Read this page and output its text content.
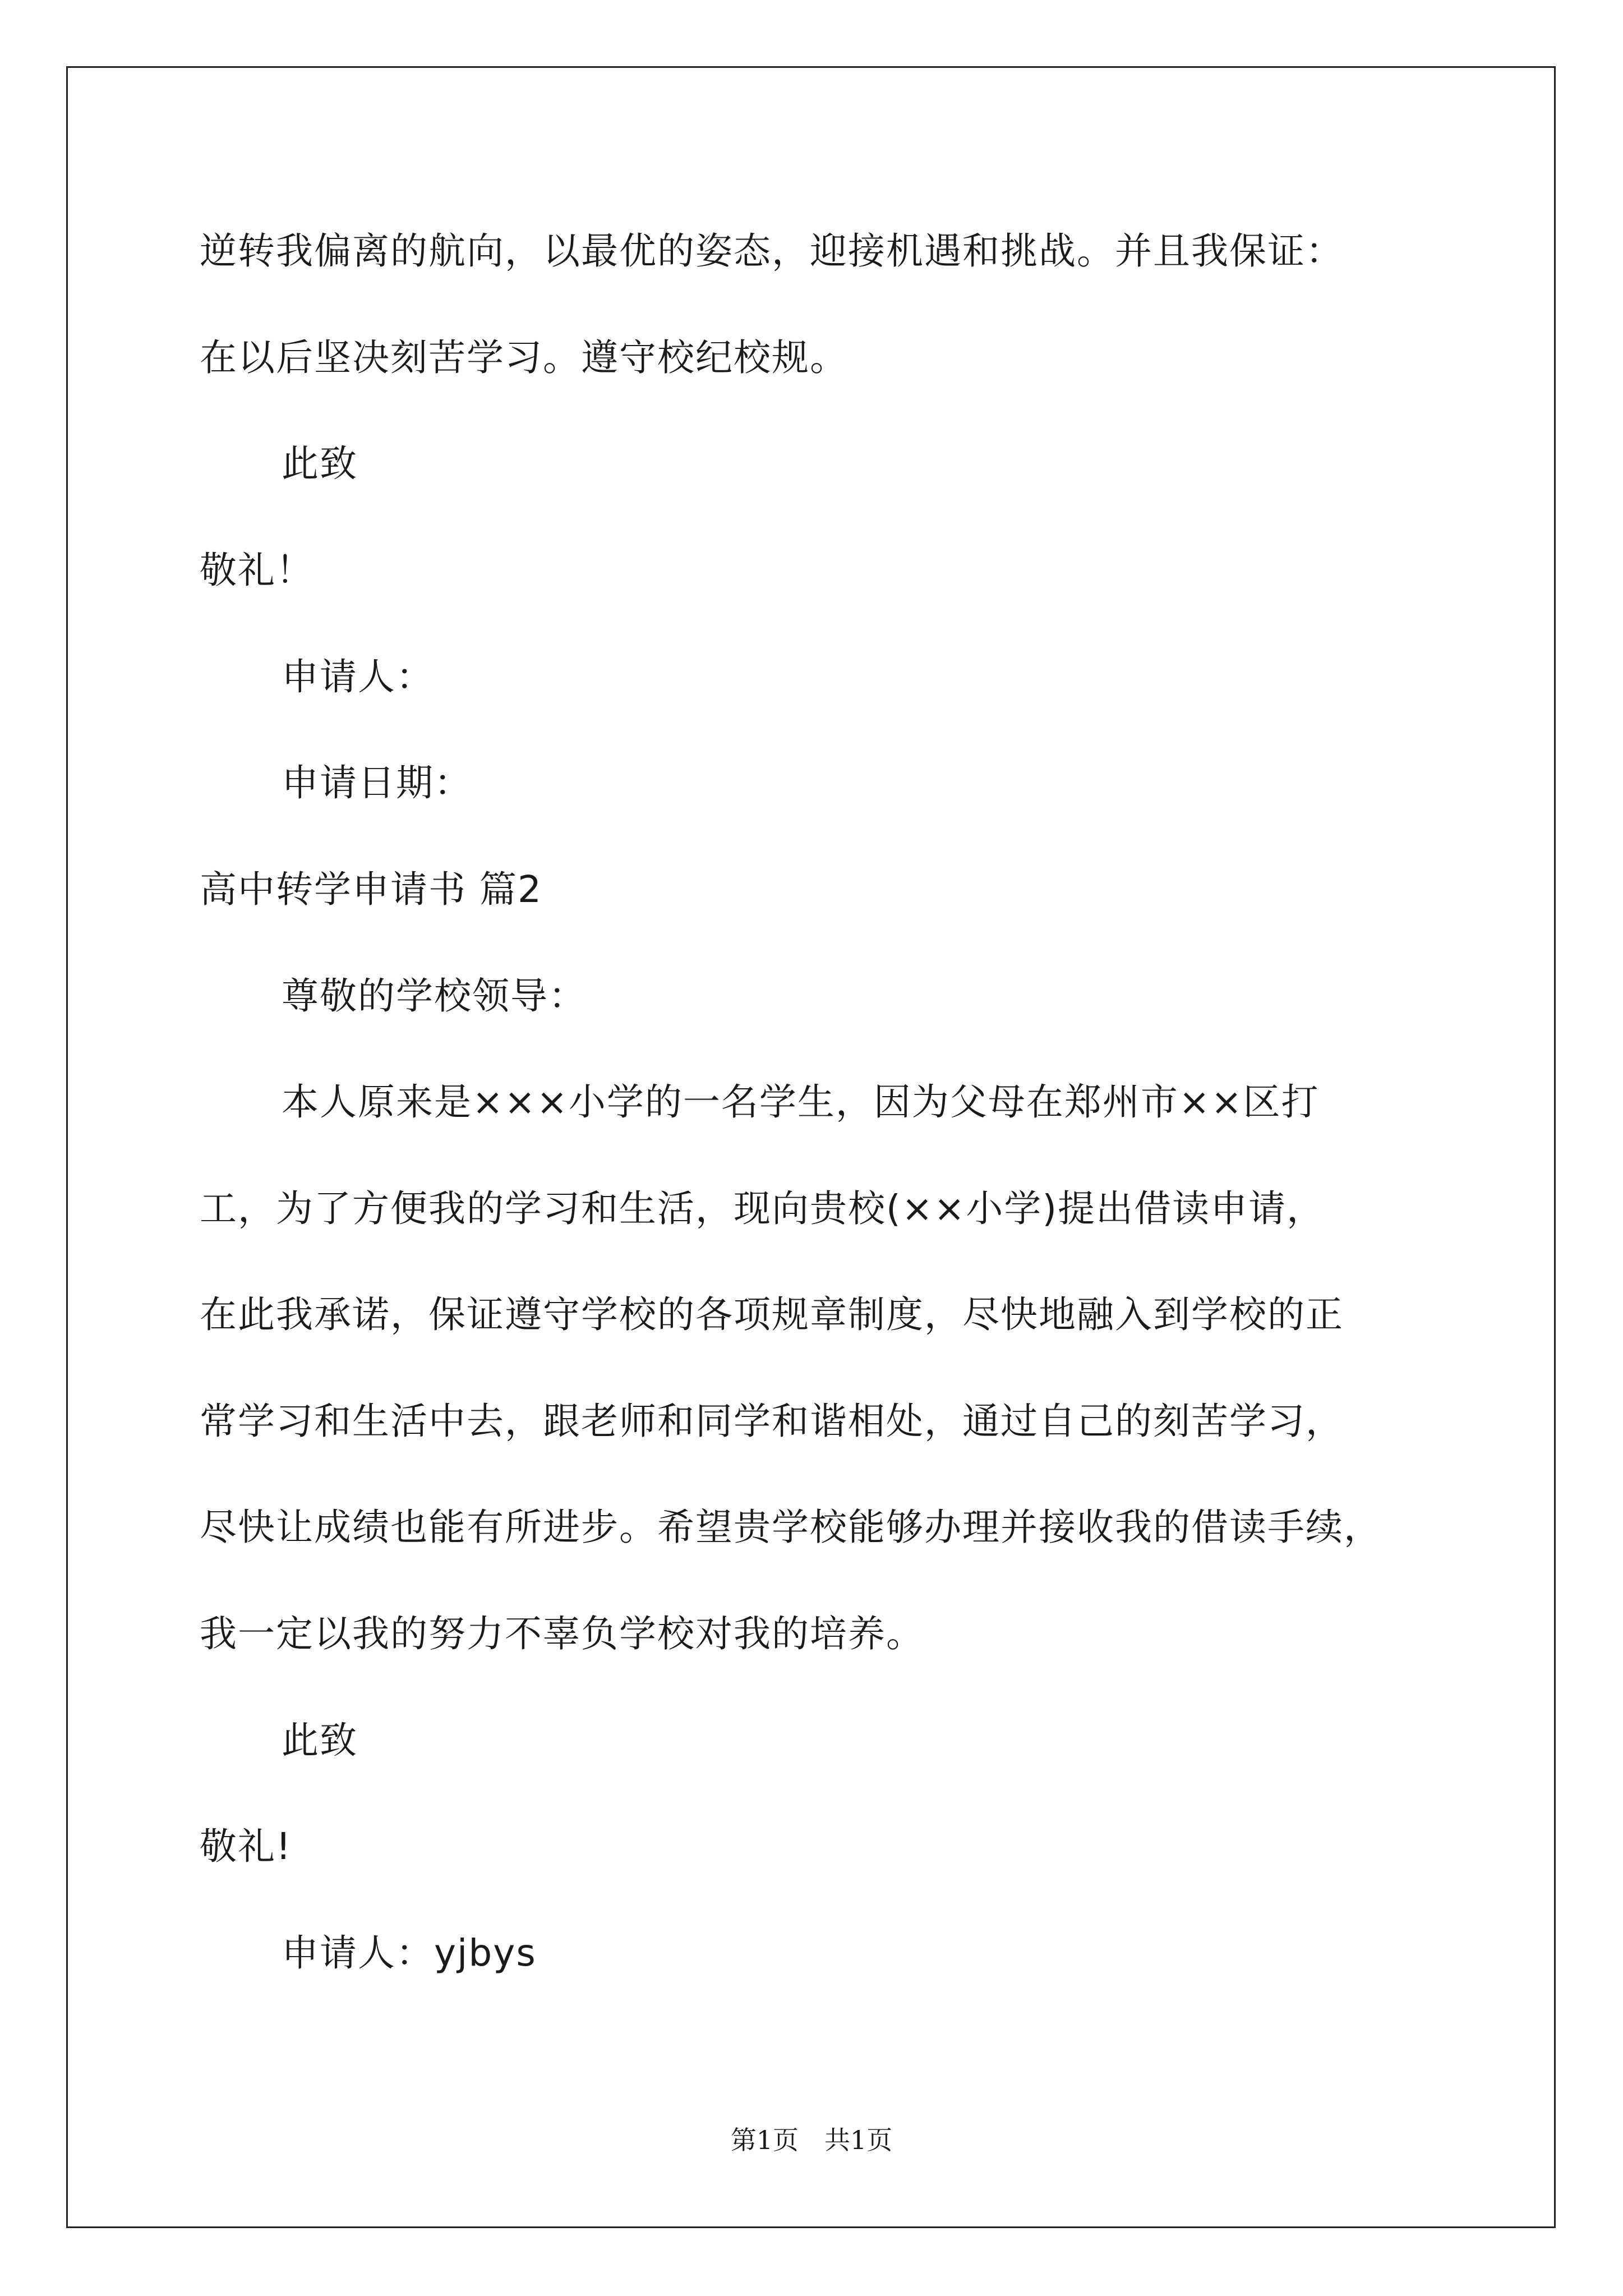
逆转我偏离的航向，以最优的姿态，迎接机遇和挑战。并且我保证：
在以后坚决刻苦学习。遵守校纪校规。
此致
敬礼！
申请人：
申请日期：
高中转学申请书 篇2
尊敬的学校领导：
本人原来是×××小学的一名学生，因为父母在郑州市××区打
工，为了方便我的学习和生活，现向贵校(××小学)提出借读申请，
在此我承诺，保证遵守学校的各项规章制度，尽快地融入到学校的正
常学习和生活中去，跟老师和同学和谐相处，通过自己的刻苦学习，
尽快让成绩也能有所进步。希望贵学校能够办理并接收我的借读手续，
我一定以我的努力不辜负学校对我的培养。
此致
敬礼!
申请人：yjbys
第1页　共1页
